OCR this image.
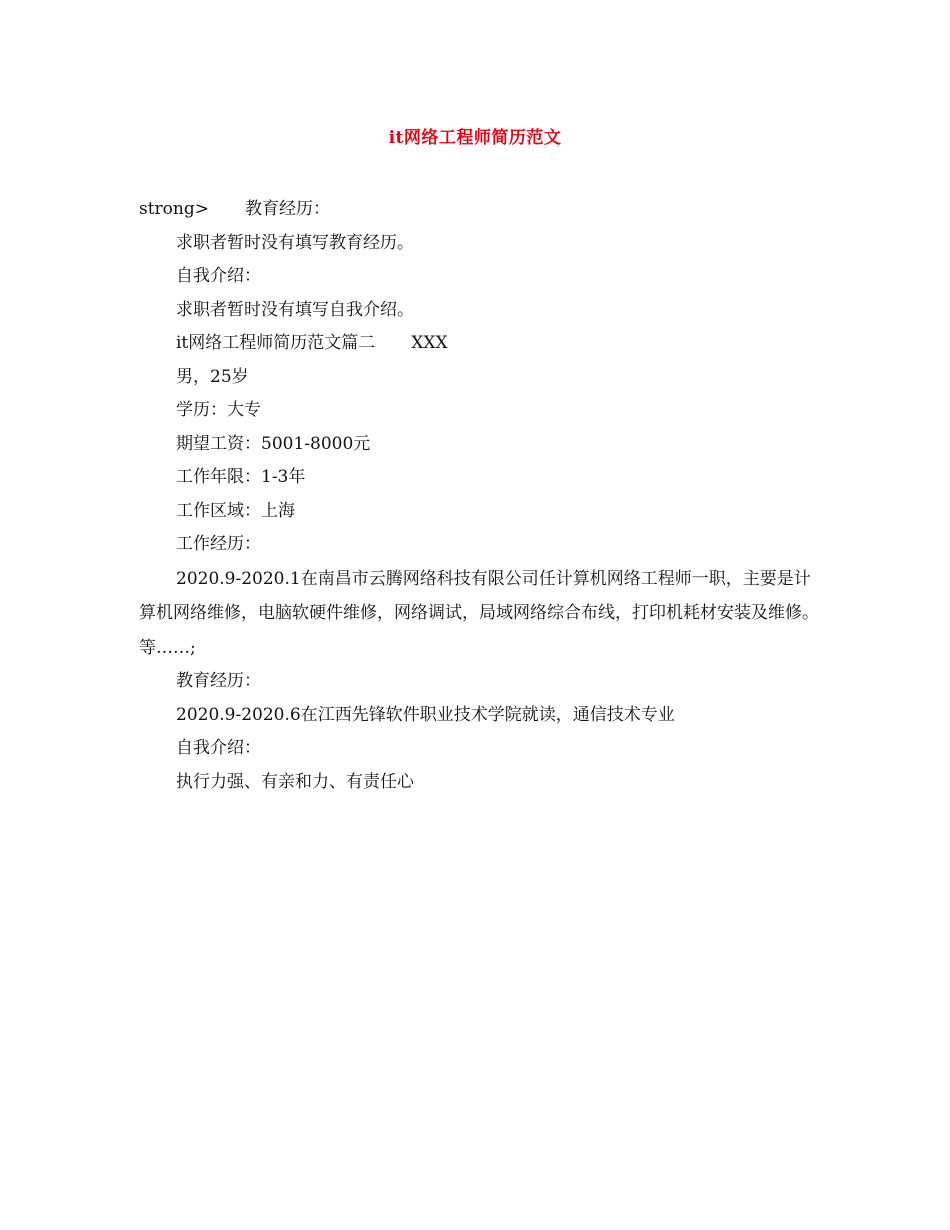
it网络工程师简历范文
strong> 教育经历：
求职者暂时没有填写教育经历。
自我介绍：
求职者暂时没有填写自我介绍。
it网络工程师简历范文篇二 XXX
男，25岁
学历：大专
期望工资：5001-8000元
工作年限：1-3年
工作区域：上海
工作经历：
2020.9-2020.1在南昌市云腾网络科技有限公司任计算机网络工程师一职，主要是计算机网络维修，电脑软硬件维修，网络调试，局域网络综合布线，打印机耗材安装及维修。等……;
教育经历：
2020.9-2020.6在江西先锋软件职业技术学院就读，通信技术专业
自我介绍：
执行力强、有亲和力、有责任心
